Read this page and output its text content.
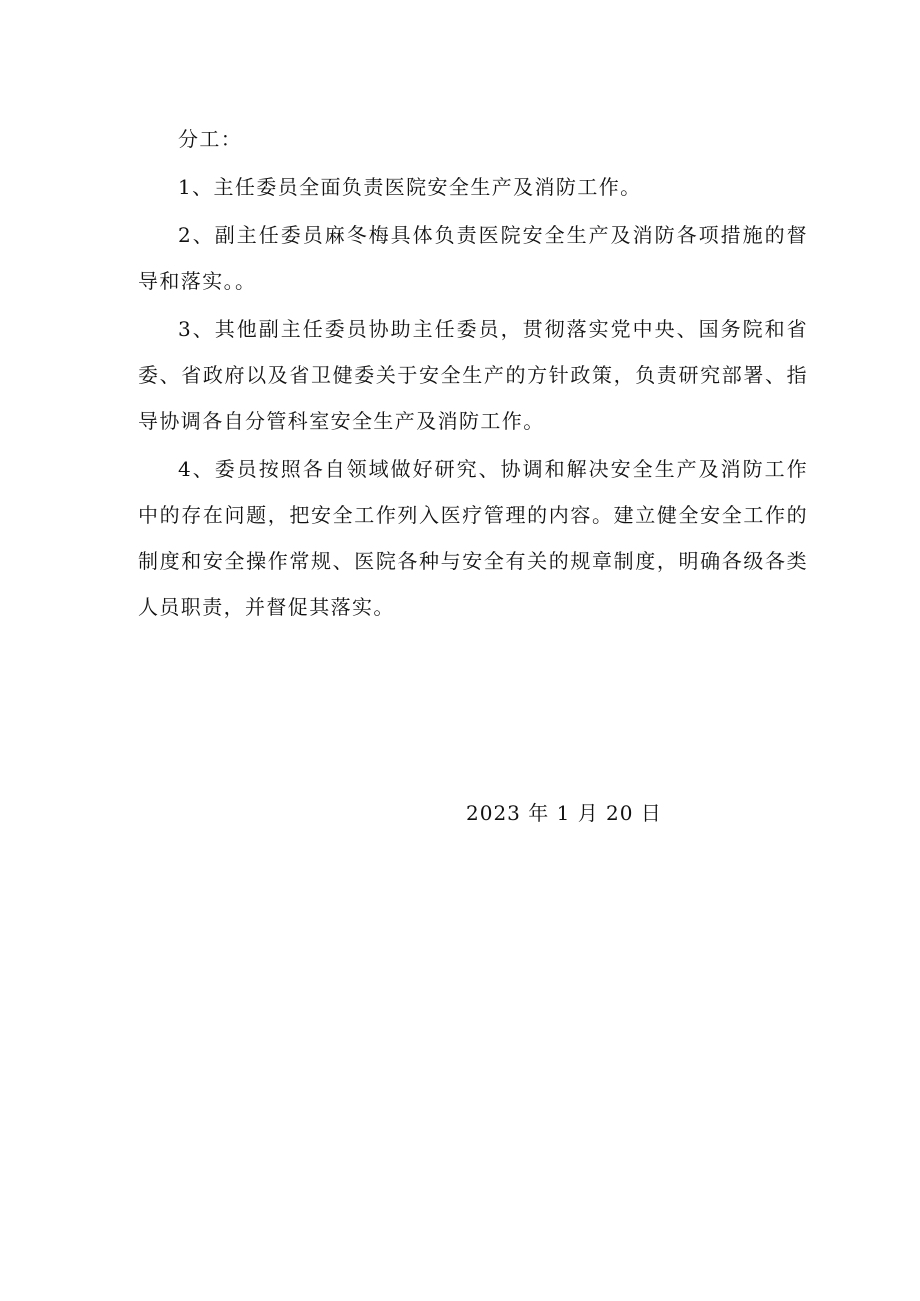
分工：

1、主任委员全面负责医院安全生产及消防工作。

2、副主任委员麻冬梅具体负责医院安全生产及消防各项措施的督导和落实。。

3、其他副主任委员协助主任委员，贯彻落实党中央、国务院和省委、省政府以及省卫健委关于安全生产的方针政策，负责研究部署、指导协调各自分管科室安全生产及消防工作。

4、委员按照各自领域做好研究、协调和解决安全生产及消防工作中的存在问题，把安全工作列入医疗管理的内容。建立健全安全工作的制度和安全操作常规、医院各种与安全有关的规章制度，明确各级各类人员职责，并督促其落实。

2023 年 1 月 20 日
